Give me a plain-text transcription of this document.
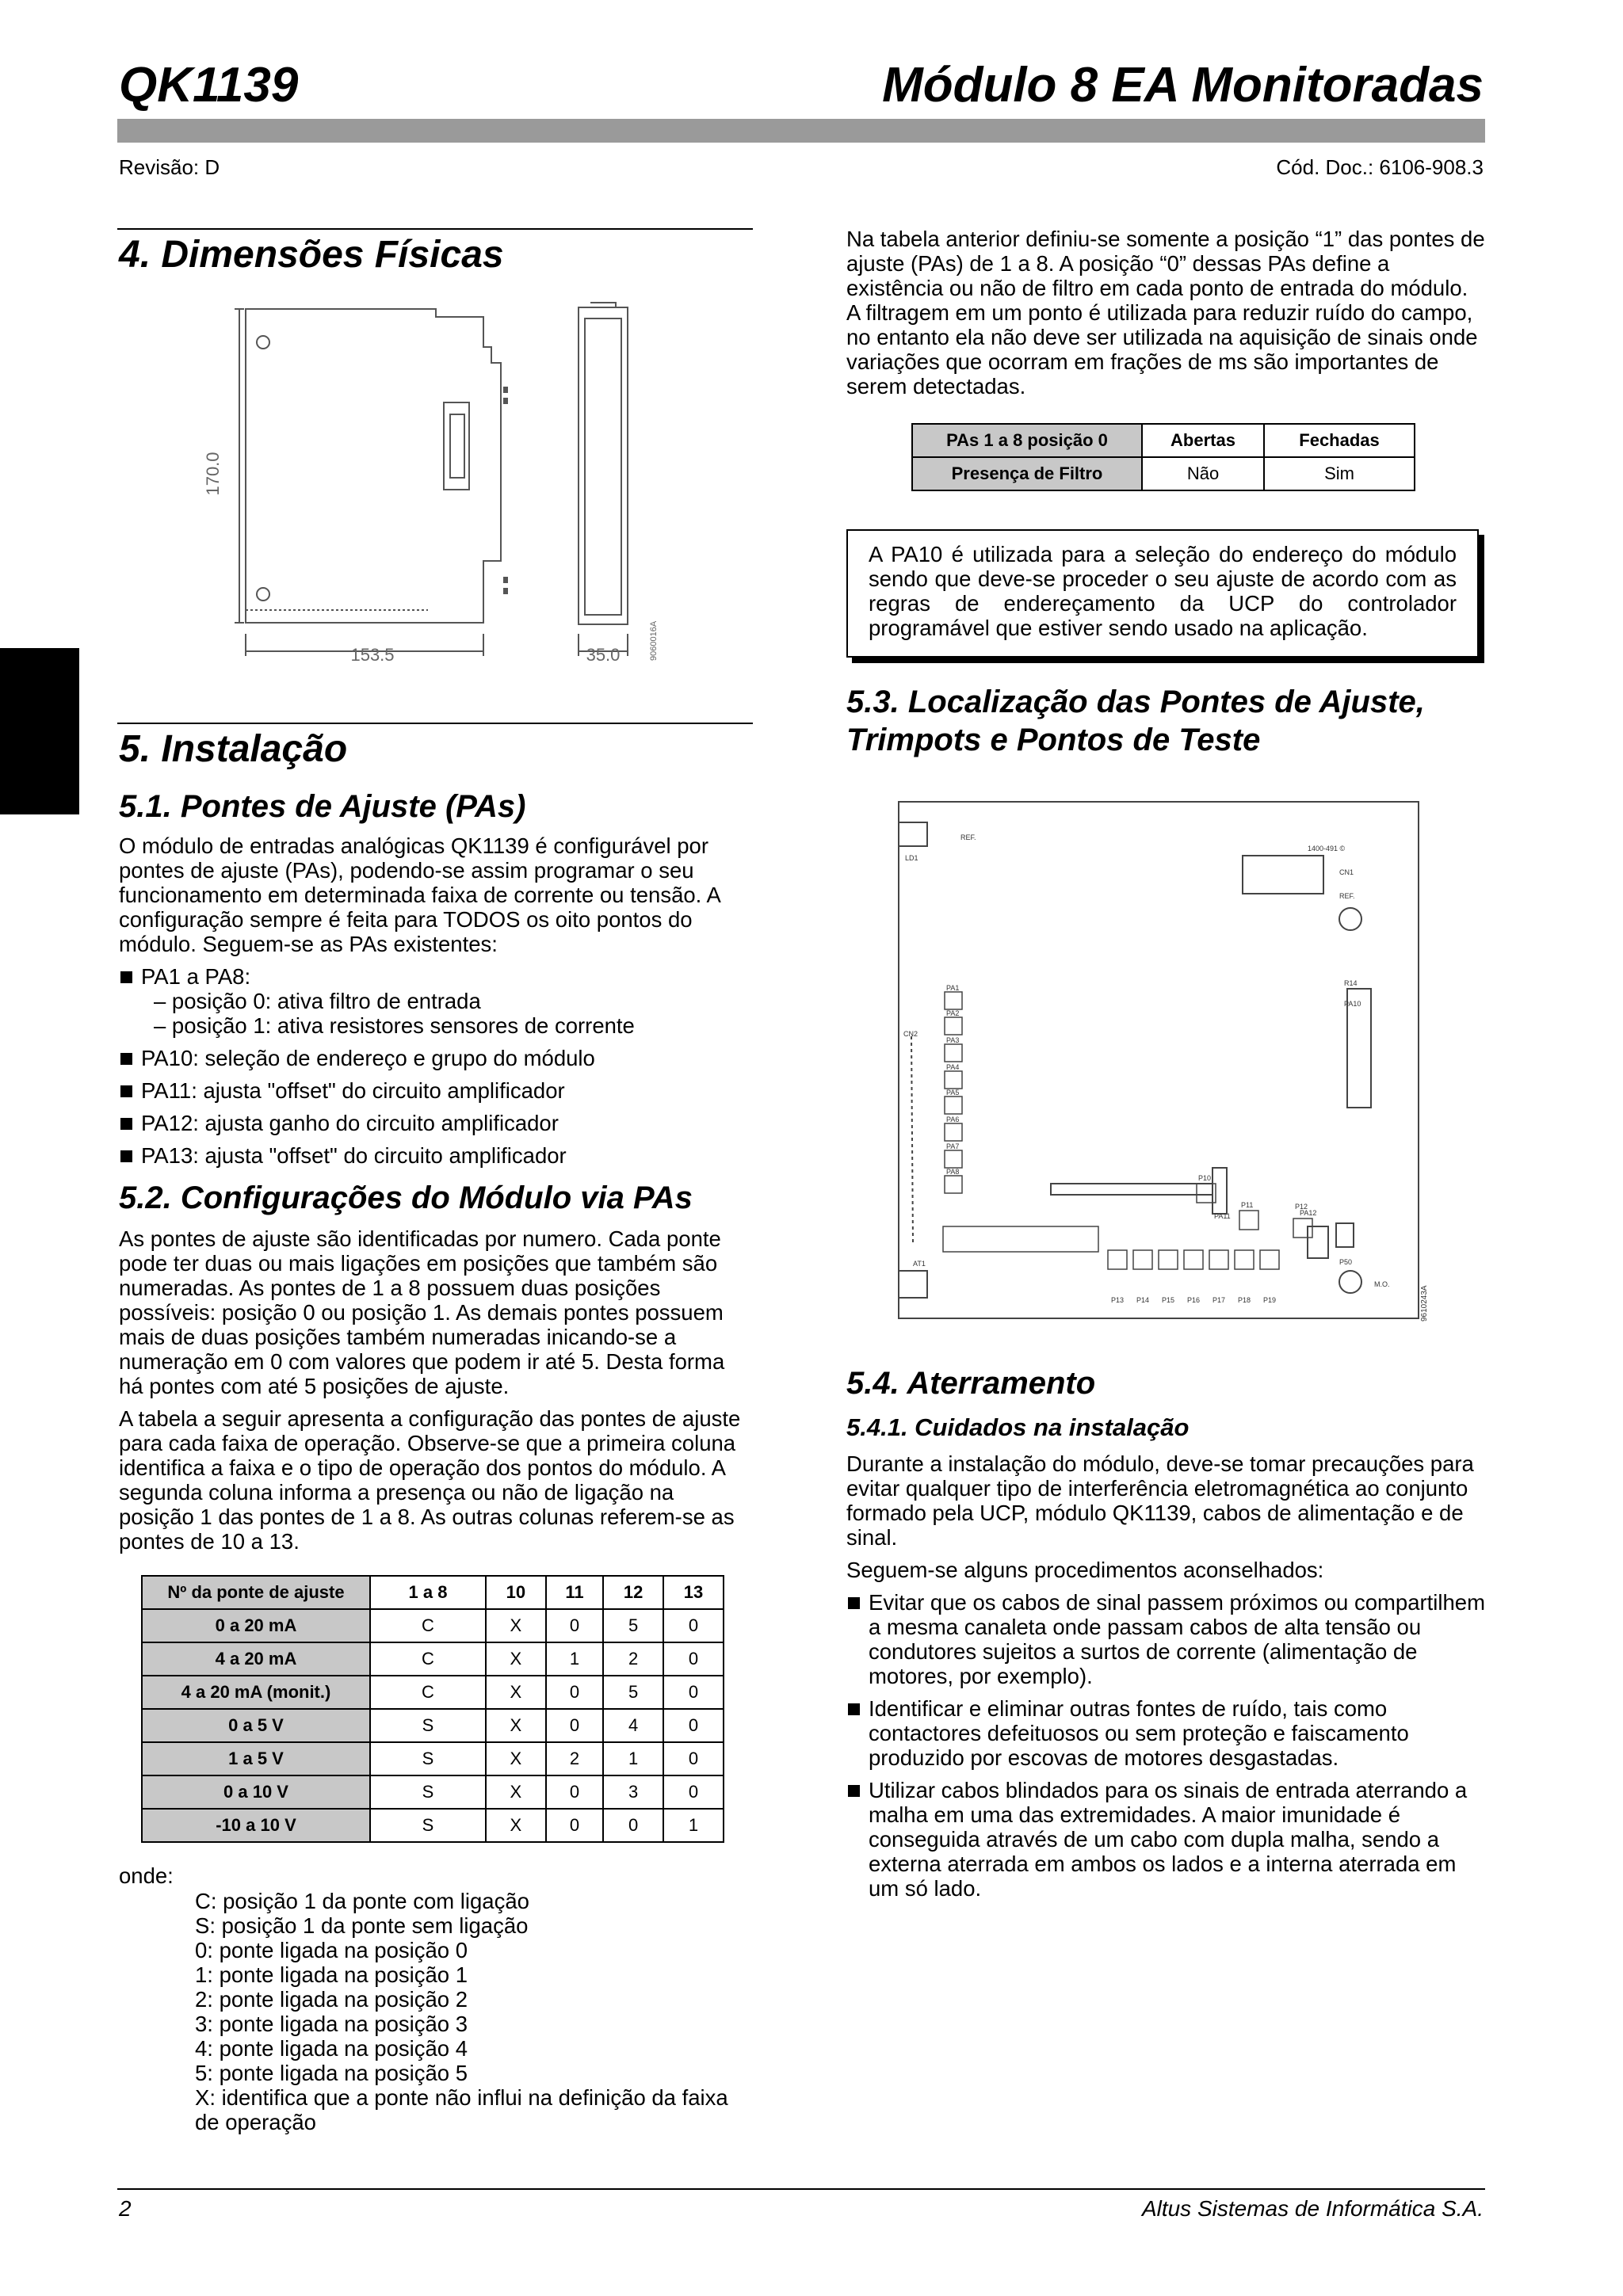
QK1139	Módulo 8 EA Monitoradas
Revisão: D	Cód. Doc.: 6106-908.3
4. Dimensões Físicas
170.0
153.5	35.0	9060016A
5. Instalação
5.1. Pontes de Ajuste (PAs)

O módulo de entradas analógicas QK1139 é configurável por pontes de ajuste (PAs), podendo-se assim programar o seu funcionamento em determinada faixa de corrente ou tensão. A configuração sempre é feita para TODOS os oito pontos do módulo. Seguem-se as PAs existentes:

PA1 a PA8:
– posição 0: ativa filtro de entrada
– posição 1: ativa resistores sensores de corrente
PA10: seleção de endereço e grupo do módulo
PA11: ajusta "offset" do circuito amplificador
PA12: ajusta ganho do circuito amplificador
PA13: ajusta "offset" do circuito amplificador
5.2. Configurações do Módulo via PAs

As pontes de ajuste são identificadas por numero. Cada ponte pode ter duas ou mais ligações em posições que também são numeradas. As pontes de 1 a 8 possuem duas posições possíveis: posição 0 ou posição 1. As demais pontes possuem mais de duas posições também numeradas inicando-se a numeração em 0 com valores que podem ir até 5. Desta forma há pontes com até 5 posições de ajuste.

A tabela a seguir apresenta a configuração das pontes de ajuste para cada faixa de operação. Observe-se que a primeira coluna identifica a faixa e o tipo de operação dos pontos do módulo. A segunda coluna informa a presença ou não de ligação na posição 1 das pontes de 1 a 8. As outras colunas referem-se as pontes de 10 a 13.

Nº da ponte de ajuste	1 a 8	10	11	12	13
0 a 20 mA	C	X	0	5	0
4 a 20 mA	C	X	1	2	0
4 a 20 mA (monit.)	C	X	0	5	0
0 a 5 V	S	X	0	4	0
1 a 5 V	S	X	2	1	0
0 a 10 V	S	X	0	3	0
-10 a 10 V	S	X	0	0	1
onde:
C: posição 1 da ponte com ligação
S: posição 1 da ponte sem ligação
0: ponte ligada na posição 0
1: ponte ligada na posição 1
2: ponte ligada na posição 2
3: ponte ligada na posição 3
4: ponte ligada na posição 4
5: ponte ligada na posição 5
X: identifica que a ponte não influi na definição da faixa de operação
Na tabela anterior definiu-se somente a posição “1” das pontes de ajuste (PAs) de 1 a 8. A posição “0” dessas PAs define a existência ou não de filtro em cada ponto de entrada do módulo. A filtragem em um ponto é utilizada para reduzir ruído do campo, no entanto ela não deve ser utilizada na aquisição de sinais onde variações que ocorram em frações de ms são importantes de serem detectadas.
PAs 1 a 8 posição 0	Abertas	Fechadas
Presença de Filtro	Não	Sim
A PA10 é utilizada para a seleção do endereço do módulo sendo que deve-se proceder o seu ajuste de acordo com as regras de endereçamento da UCP do controlador programável que estiver sendo usado na aplicação.
5.3. Localização das Pontes de Ajuste, Trimpots e Pontos de Teste
LD1
REF.
CN1
REF.
R14
PA1
PA2
PA3
PA4
PA5
PA6
PA7
PA8
PA10
PA11	PA12
P10
P11	P12
P50
CN2
AT1
P13 P14 P15 P16 P17 P18 P19
M.O.
1400-491 ©
9610243A
5.4. Aterramento
5.4.1. Cuidados na instalação

Durante a instalação do módulo, deve-se tomar precauções para evitar qualquer tipo de interferência eletromagnética ao conjunto formado pela UCP, módulo QK1139, cabos de alimentação e de sinal.

Seguem-se alguns procedimentos aconselhados:

Evitar que os cabos de sinal passem próximos ou compartilhem a mesma canaleta onde passam cabos de alta tensão ou condutores sujeitos a surtos de corrente (alimentação de motores, por exemplo).
Identificar e eliminar outras fontes de ruído, tais como contactores defeituosos ou sem proteção e faiscamento produzido por escovas de motores desgastadas.
Utilizar cabos blindados para os sinais de entrada aterrando a malha em uma das extremidades. A maior imunidade é conseguida através de um cabo com dupla malha, sendo a externa aterrada em ambos os lados e a interna aterrada em um só lado.
2	Altus Sistemas de Informática S.A.
